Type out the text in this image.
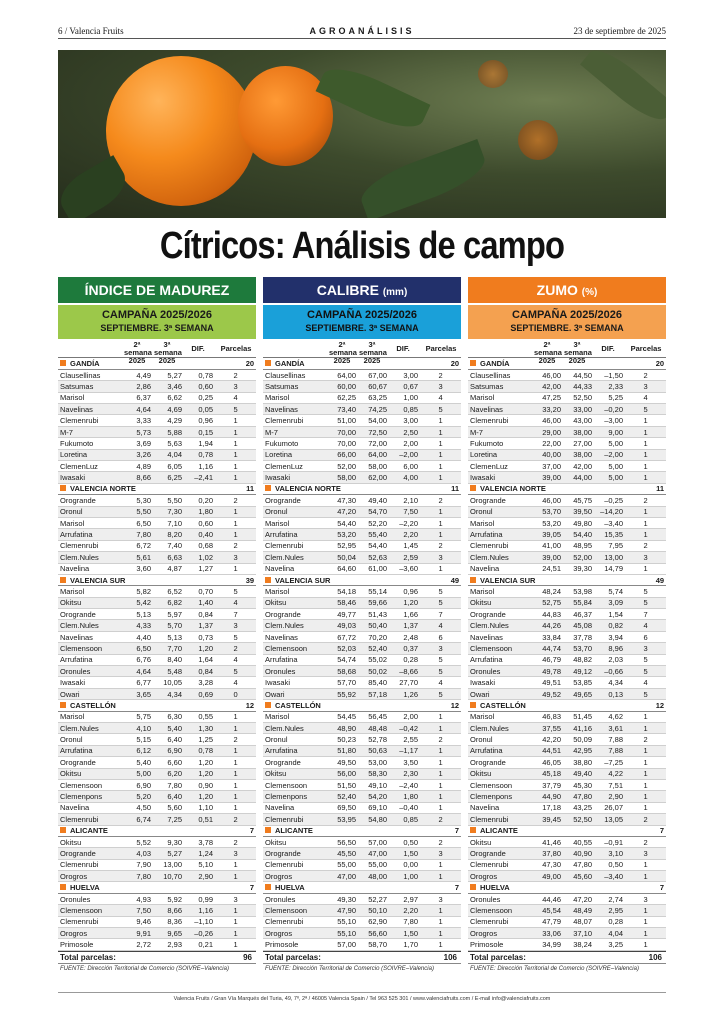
6 / Valencia Fruits	AGROANÁLISIS	23 de septiembre de 2025
Cítricos: Análisis de campo
ÍNDICE DE MADUREZ
CAMPAÑA 2025/2026
SEPTIEMBRE. 3ª SEMANA
2ª semana 2025
3ª semana 2025
DIF.	Parcelas
GANDÍA				20
Clausellinas	4,49	5,27	0,78	2
Satsumas	2,86	3,46	0,60	3
Marisol	6,37	6,62	0,25	4
Navelinas	4,64	4,69	0,05	5
Clemenrubi	3,33	4,29	0,96	1
M-7	5,73	5,88	0,15	1
Fukumoto	3,69	5,63	1,94	1
Loretina	3,26	4,04	0,78	1
ClemenLuz	4,89	6,05	1,16	1
Iwasaki	8,66	6,25	–2,41	1
VALENCIA NORTE				11
Orogrande	5,30	5,50	0,20	2
Oronul	5,50	7,30	1,80	1
Marisol	6,50	7,10	0,60	1
Arrufatina	7,80	8,20	0,40	1
Clemenrubi	6,72	7,40	0,68	2
Clem.Nules	5,61	6,63	1,02	3
Navelina	3,60	4,87	1,27	1
VALENCIA SUR				39
Marisol	5,82	6,52	0,70	5
Okitsu	5,42	6,82	1,40	4
Orogrande	5,13	5,97	0,84	7
Clem.Nules	4,33	5,70	1,37	3
Navelinas	4,40	5,13	0,73	5
Clemensoon	6,50	7,70	1,20	2
Arrufatina	6,76	8,40	1,64	4
Oronules	4,64	5,48	0,84	5
Iwasaki	6,77	10,05	3,28	4
Owari	3,65	4,34	0,69	0
CASTELLÓN				12
Marisol	5,75	6,30	0,55	1
Clem.Nules	4,10	5,40	1,30	1
Oronul	5,15	6,40	1,25	2
Arrufatina	6,12	6,90	0,78	1
Orogrande	5,40	6,60	1,20	1
Okitsu	5,00	6,20	1,20	1
Clemensoon	6,90	7,80	0,90	1
Clemenpons	5,20	6,40	1,20	1
Navelina	4,50	5,60	1,10	1
Clemenrubi	6,74	7,25	0,51	2
ALICANTE				7
Okitsu	5,52	9,30	3,78	2
Orogrande	4,03	5,27	1,24	3
Clemenrubi	7,90	13,00	5,10	1
Orogros	7,80	10,70	2,90	1
HUELVA				7
Oronules	4,93	5,92	0,99	3
Clemensoon	7,50	8,66	1,16	1
Clemenrubi	9,46	8,36	–1,10	1
Orogros	9,91	9,65	–0,26	1
Primosole	2,72	2,93	0,21	1
Total parcelas:	96
FUENTE: Dirección Territorial de Comercio (SOIVRE–Valencia)
CALIBRE (mm)
CAMPAÑA 2025/2026
SEPTIEMBRE. 3ª SEMANA
2ª semana 2025
3ª semana 2025
DIF.	Parcelas
GANDÍA				20
Clausellinas	64,00	67,00	3,00	2
Satsumas	60,00	60,67	0,67	3
Marisol	62,25	63,25	1,00	4
Navelinas	73,40	74,25	0,85	5
Clemenrubi	51,00	54,00	3,00	1
M-7	70,00	72,50	2,50	1
Fukumoto	70,00	72,00	2,00	1
Loretina	66,00	64,00	–2,00	1
ClemenLuz	52,00	58,00	6,00	1
Iwasaki	58,00	62,00	4,00	1
VALENCIA NORTE				11
Orogrande	47,30	49,40	2,10	2
Oronul	47,20	54,70	7,50	1
Marisol	54,40	52,20	–2,20	1
Arrufatina	53,20	55,40	2,20	1
Clemenrubi	52,95	54,40	1,45	2
Clem.Nules	50,04	52,63	2,59	3
Navelina	64,60	61,00	–3,60	1
VALENCIA SUR				49
Marisol	54,18	55,14	0,96	5
Okitsu	58,46	59,66	1,20	5
Orogrande	49,77	51,43	1,66	7
Clem.Nules	49,03	50,40	1,37	4
Navelinas	67,72	70,20	2,48	6
Clemensoon	52,03	52,40	0,37	3
Arrufatina	54,74	55,02	0,28	5
Oronules	58,68	50,02	–8,66	5
Iwasaki	57,70	85,40	27,70	4
Owari	55,92	57,18	1,26	5
CASTELLÓN				12
Marisol	54,45	56,45	2,00	1
Clem.Nules	48,90	48,48	–0,42	1
Oronul	50,23	52,78	2,55	2
Arrufatina	51,80	50,63	–1,17	1
Orogrande	49,50	53,00	3,50	1
Okitsu	56,00	58,30	2,30	1
Clemensoon	51,50	49,10	–2,40	1
Clemenpons	52,40	54,20	1,80	1
Navelina	69,50	69,10	–0,40	1
Clemenrubi	53,95	54,80	0,85	2
ALICANTE				7
Okitsu	56,50	57,00	0,50	2
Orogrande	45,50	47,00	1,50	3
Clemenrubi	55,00	55,00	0,00	1
Orogros	47,00	48,00	1,00	1
HUELVA				7
Oronules	49,30	52,27	2,97	3
Clemensoon	47,90	50,10	2,20	1
Clemenrubi	55,10	62,90	7,80	1
Orogros	55,10	56,60	1,50	1
Primosole	57,00	58,70	1,70	1
Total parcelas:	106
FUENTE: Dirección Territorial de Comercio (SOIVRE–Valencia)
ZUMO (%)
CAMPAÑA 2025/2026
SEPTIEMBRE. 3ª SEMANA
2ª semana 2025
3ª semana 2025
DIF.	Parcelas
GANDÍA				20
Clausellinas	46,00	44,50	–1,50	2
Satsumas	42,00	44,33	2,33	3
Marisol	47,25	52,50	5,25	4
Navelinas	33,20	33,00	–0,20	5
Clemenrubi	46,00	43,00	–3,00	1
M-7	29,00	38,00	9,00	1
Fukumoto	22,00	27,00	5,00	1
Loretina	40,00	38,00	–2,00	1
ClemenLuz	37,00	42,00	5,00	1
Iwasaki	39,00	44,00	5,00	1
VALENCIA NORTE				11
Orogrande	46,00	45,75	–0,25	2
Oronul	53,70	39,50	–14,20	1
Marisol	53,20	49,80	–3,40	1
Arrufatina	39,05	54,40	15,35	1
Clemenrubi	41,00	48,95	7,95	2
Clem.Nules	39,00	52,00	13,00	3
Navelina	24,51	39,30	14,79	1
VALENCIA SUR				49
Marisol	48,24	53,98	5,74	5
Okitsu	52,75	55,84	3,09	5
Orogrande	44,83	46,37	1,54	7
Clem.Nules	44,26	45,08	0,82	4
Navelinas	33,84	37,78	3,94	6
Clemensoon	44,74	53,70	8,96	3
Arrufatina	46,79	48,82	2,03	5
Oronules	49,78	49,12	–0,66	5
Iwasaki	49,51	53,85	4,34	4
Owari	49,52	49,65	0,13	5
CASTELLÓN				12
Marisol	46,83	51,45	4,62	1
Clem.Nules	37,55	41,16	3,61	1
Oronul	42,20	50,09	7,88	2
Arrufatina	44,51	42,95	7,88	1
Orogrande	46,05	38,80	–7,25	1
Okitsu	45,18	49,40	4,22	1
Clemensoon	37,79	45,30	7,51	1
Clemenpons	44,90	47,80	2,90	1
Navelina	17,18	43,25	26,07	1
Clemenrubi	39,45	52,50	13,05	2
ALICANTE				7
Okitsu	41,46	40,55	–0,91	2
Orogrande	37,80	40,90	3,10	3
Clemenrubi	47,30	47,80	0,50	1
Orogros	49,00	45,60	–3,40	1
HUELVA				7
Oronules	44,46	47,20	2,74	3
Clemensoon	45,54	48,49	2,95	1
Clemenrubi	47,79	48,07	0,28	1
Orogros	33,06	37,10	4,04	1
Primosole	34,99	38,24	3,25	1
Total parcelas:	106
FUENTE: Dirección Territorial de Comercio (SOIVRE–Valencia)
Valencia Fruits / Gran Vía Marqués del Turia, 49, 7º, 2ª / 46005 Valencia Spain / Tel 963 525 301 / www.valenciafruits.com / E-mail info@valenciafruits.com
